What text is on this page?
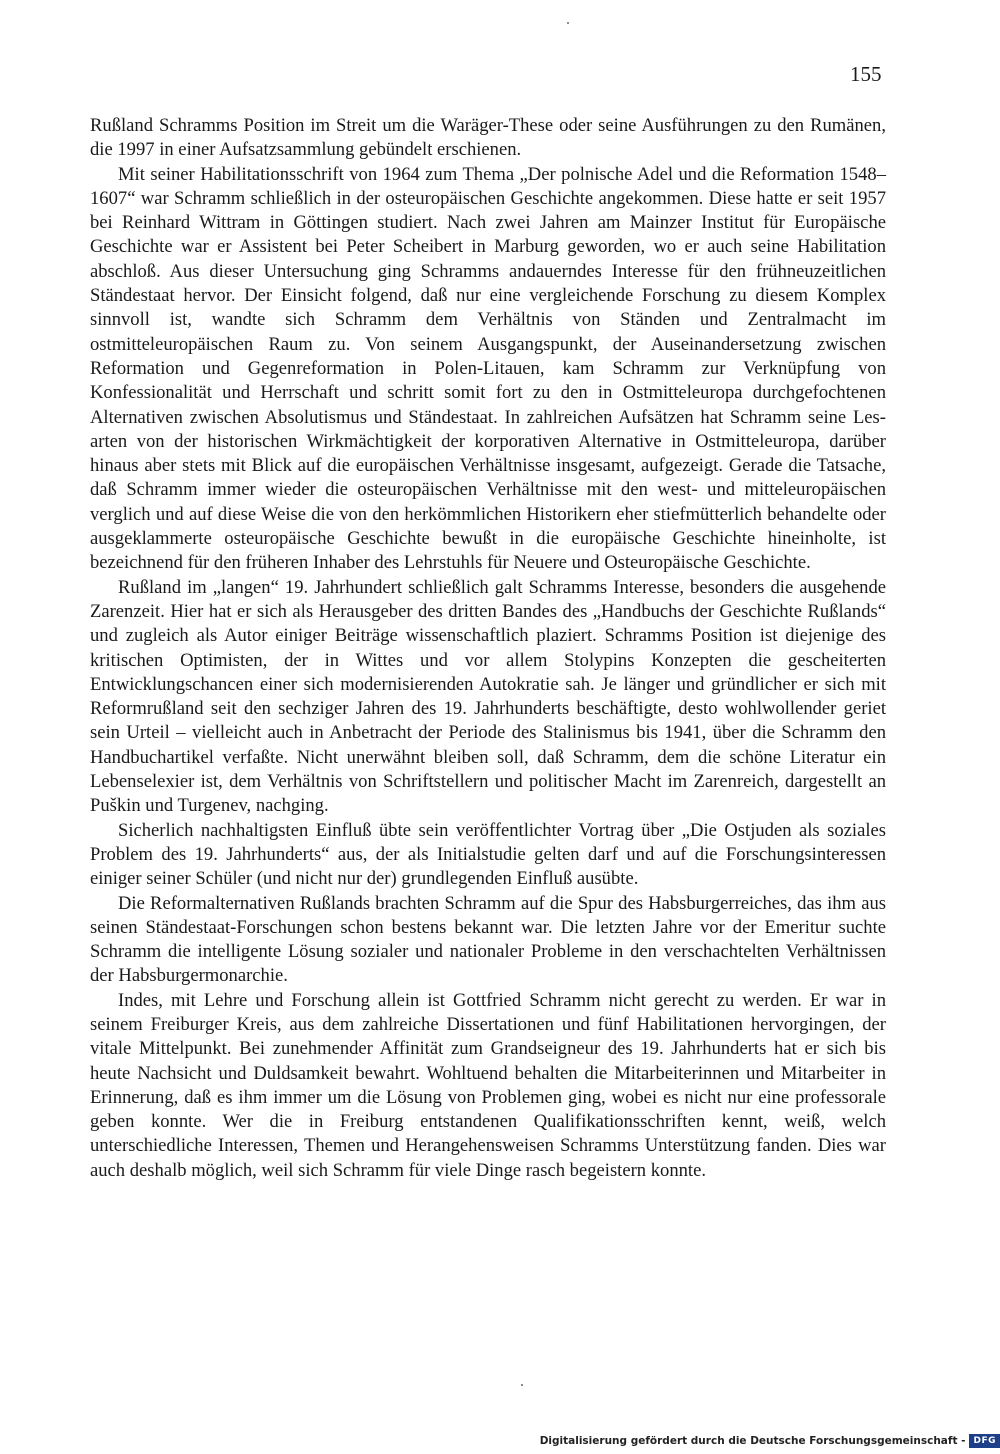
155

Rußland Schramms Position im Streit um die Waräger-These oder seine Ausführungen zu den Rumänen, die 1997 in einer Aufsatzsammlung gebündelt erschienen.

Mit seiner Habilitationsschrift von 1964 zum Thema „Der polnische Adel und die Reformation 1548–1607“ war Schramm schließlich in der osteuropäischen Geschichte angekommen. Diese hatte er seit 1957 bei Reinhard Wittram in Göttingen studiert. Nach zwei Jahren am Mainzer Institut für Europäische Geschichte war er Assistent bei Peter Scheibert in Marburg geworden, wo er auch seine Habilitation abschloß. Aus dieser Untersuchung ging Schramms andauerndes Interesse für den frühneuzeitlichen Ständestaat hervor. Der Einsicht folgend, daß nur eine vergleichende Forschung zu diesem Komplex sinnvoll ist, wandte sich Schramm dem Verhältnis von Ständen und Zentralmacht im ostmitteleuropäischen Raum zu. Von seinem Ausgangspunkt, der Auseinandersetzung zwischen Reformation und Gegenreformation in Polen-Litauen, kam Schramm zur Verknüpfung von Konfessionalität und Herrschaft und schritt somit fort zu den in Ostmitteleuropa durchgefochtenen Alternativen zwischen Absolutismus und Ständestaat. In zahlreichen Aufsätzen hat Schramm seine Lesarten von der historischen Wirkmächtigkeit der korporativen Alternative in Ostmitteleuropa, darüber hinaus aber stets mit Blick auf die europäischen Verhältnisse insgesamt, aufgezeigt. Gerade die Tatsache, daß Schramm immer wieder die osteuropäischen Verhältnisse mit den west- und mitteleuropäischen verglich und auf diese Weise die von den herkömmlichen Historikern eher stiefmütterlich behandelte oder ausgeklammerte osteuropäische Geschichte bewußt in die europäische Geschichte hineinholte, ist bezeichnend für den früheren Inhaber des Lehrstuhls für Neuere und Osteuropäische Geschichte.

Rußland im „langen“ 19. Jahrhundert schließlich galt Schramms Interesse, besonders die ausgehende Zarenzeit. Hier hat er sich als Herausgeber des dritten Bandes des „Handbuchs der Geschichte Rußlands“ und zugleich als Autor einiger Beiträge wissenschaftlich plaziert. Schramms Position ist diejenige des kritischen Optimisten, der in Wittes und vor allem Stolypins Konzepten die gescheiterten Entwicklungschancen einer sich modernisierenden Autokratie sah. Je länger und gründlicher er sich mit Reformrußland seit den sechziger Jahren des 19. Jahrhunderts beschäftigte, desto wohlwollender geriet sein Urteil – vielleicht auch in Anbetracht der Periode des Stalinismus bis 1941, über die Schramm den Handbuchartikel verfaßte. Nicht unerwähnt bleiben soll, daß Schramm, dem die schöne Literatur ein Lebenselexier ist, dem Verhältnis von Schriftstellern und politischer Macht im Zarenreich, dargestellt an Puškin und Turgenev, nachging.

Sicherlich nachhaltigsten Einfluß übte sein veröffentlichter Vortrag über „Die Ostjuden als soziales Problem des 19. Jahrhunderts“ aus, der als Initialstudie gelten darf und auf die Forschungsinteressen einiger seiner Schüler (und nicht nur der) grundlegenden Einfluß ausübte.

Die Reformalternativen Rußlands brachten Schramm auf die Spur des Habsburgerreiches, das ihm aus seinen Ständestaat-Forschungen schon bestens bekannt war. Die letzten Jahre vor der Emeritur suchte Schramm die intelligente Lösung sozialer und nationaler Probleme in den verschachtelten Verhältnissen der Habsburgermonarchie.

Indes, mit Lehre und Forschung allein ist Gottfried Schramm nicht gerecht zu werden. Er war in seinem Freiburger Kreis, aus dem zahlreiche Dissertationen und fünf Habilitationen hervorgingen, der vitale Mittelpunkt. Bei zunehmender Affinität zum Grandseigneur des 19. Jahrhunderts hat er sich bis heute Nachsicht und Duldsamkeit bewahrt. Wohltuend behalten die Mitarbeiterinnen und Mitarbeiter in Erinnerung, daß es ihm immer um die Lösung von Problemen ging, wobei es nicht nur eine professorale geben konnte. Wer die in Freiburg entstandenen Qualifikationsschriften kennt, weiß, welch unterschiedliche Interessen, Themen und Herangehensweisen Schramms Unterstützung fanden. Dies war auch deshalb möglich, weil sich Schramm für viele Dinge rasch begeistern konnte.

Digitalisierung gefördert durch die Deutsche Forschungsgemeinschaft - DFG
